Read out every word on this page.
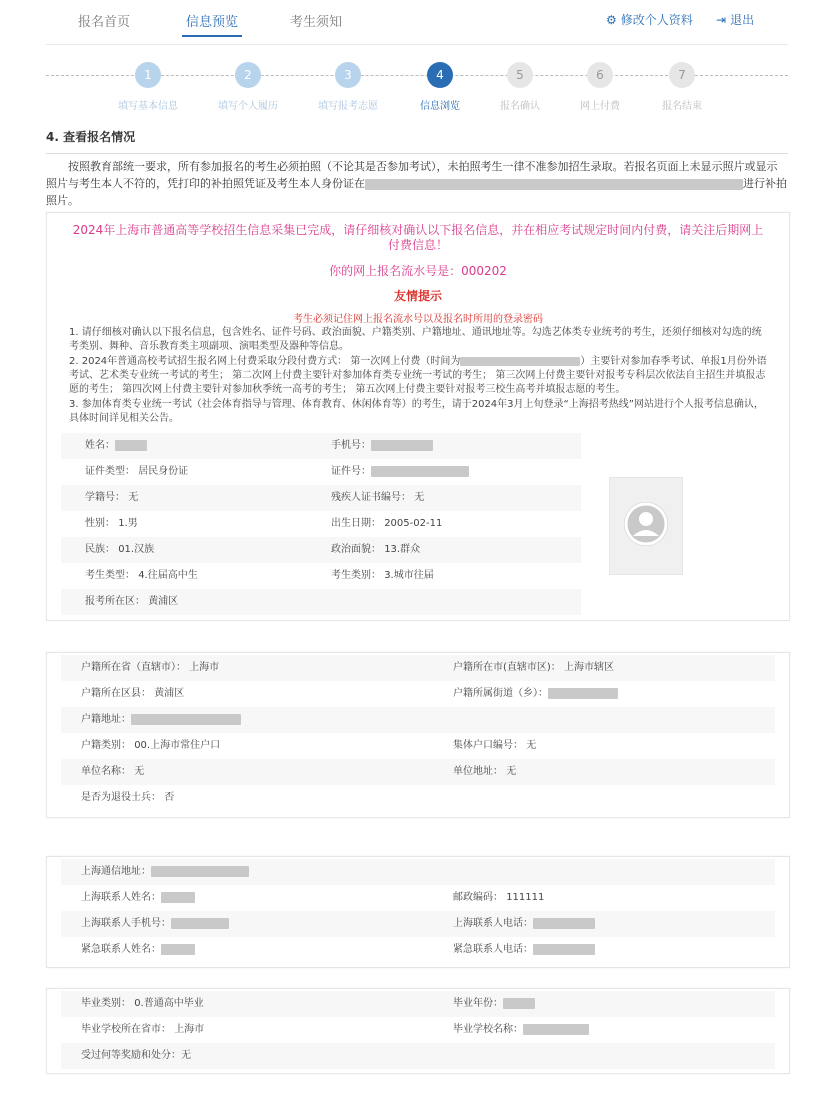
报名首页	信息预览	考生须知	⚙ 修改个人资料 ⇥ 退出
1
填写基本信息
2
填写个人履历
3
填写报考志愿
4
信息浏览
5
报名确认
6
网上付费
7
报名结束
4. 查看报名情况
按照教育部统一要求，所有参加报名的考生必须拍照（不论其是否参加考试），未拍照考生一律不准参加招生录取。若报名页面上未显示照片或显示照片与考生本人不符的，凭打印的补拍照凭证及考生本人身份证在	进行补拍照片。
2024年上海市普通高等学校招生信息采集已完成，请仔细核对确认以下报名信息，并在相应考试规定时间内付费，请关注后期网上付费信息！
你的网上报名流水号是：000202
友情提示
考生必须记住网上报名流水号以及报名时所用的登录密码
1. 请仔细核对确认以下报名信息，包含姓名、证件号码、政治面貌、户籍类别、户籍地址、通讯地址等。勾选艺体类专业统考的考生，还须仔细核对勾选的统考类别、舞种、音乐教育类主项副项、演唱类型及器种等信息。
2. 2024年普通高校考试招生报名网上付费采取分段付费方式： 第一次网上付费（时间为	）主要针对参加春季考试、单报1月份外语考试、艺术类专业统一考试的考生； 第二次网上付费主要针对参加体育类专业统一考试的考生； 第三次网上付费主要针对报考专科层次依法自主招生并填报志愿的考生； 第四次网上付费主要针对参加秋季统一高考的考生； 第五次网上付费主要针对报考三校生高考并填报志愿的考生。
3. 参加体育类专业统一考试（社会体育指导与管理、体育教育、休闲体育等）的考生，请于2024年3月上旬登录“上海招考热线”网站进行个人报考信息确认，具体时间详见相关公告。
姓名：	手机号：
证件类型： 居民身份证	证件号：
学籍号： 无	残疾人证书编号： 无
性别： 1.男	出生日期： 2005-02-11
民族： 01.汉族	政治面貌： 13.群众
考生类型： 4.往届高中生	考生类别： 3.城市往届
报考所在区： 黄浦区
户籍所在省（直辖市）： 上海市	户籍所在市(直辖市区)： 上海市辖区
户籍所在区县： 黄浦区	户籍所属街道（乡）：
户籍地址：
户籍类别： 00.上海市常住户口	集体户口编号： 无
单位名称： 无	单位地址： 无
是否为退役士兵： 否
上海通信地址：
上海联系人姓名：	邮政编码： 111111
上海联系人手机号：	上海联系人电话：
紧急联系人姓名：	紧急联系人电话：
毕业类别： 0.普通高中毕业	毕业年份：
毕业学校所在省市： 上海市	毕业学校名称：
受过何等奖励和处分：无
